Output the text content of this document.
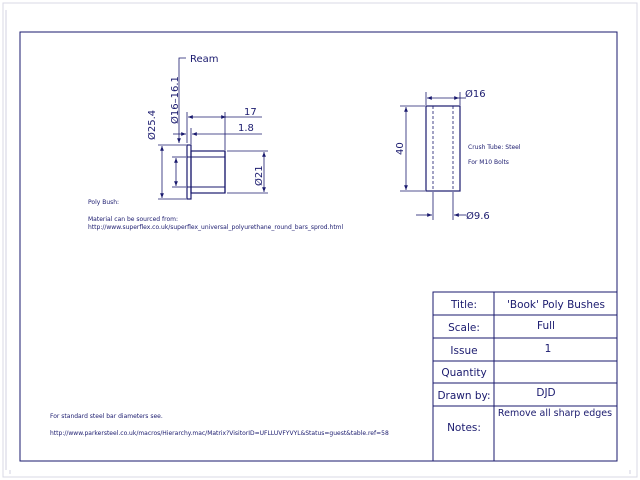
Ream
Ø25.4
Ø16–16.1	17
1.8
Ø21
Poly Bush:
Material can be sourced from:
http://www.superflex.co.uk/superflex_universal_polyurethane_round_bars_sprod.html
Ø16
40
Ø9.6
Crush Tube: Steel
For M10 Bolts
For standard steel bar diameters see.
http://www.parkersteel.co.uk/macros/Hierarchy.mac/Matrix?VisitorID=UFLLUVFYVYL&Status=guest&table.ref=58
Title:	'Book' Poly Bushes
Scale:	Full
Issue	1
Quantity
Drawn by:	DJD
Notes:
Remove all sharp edges
